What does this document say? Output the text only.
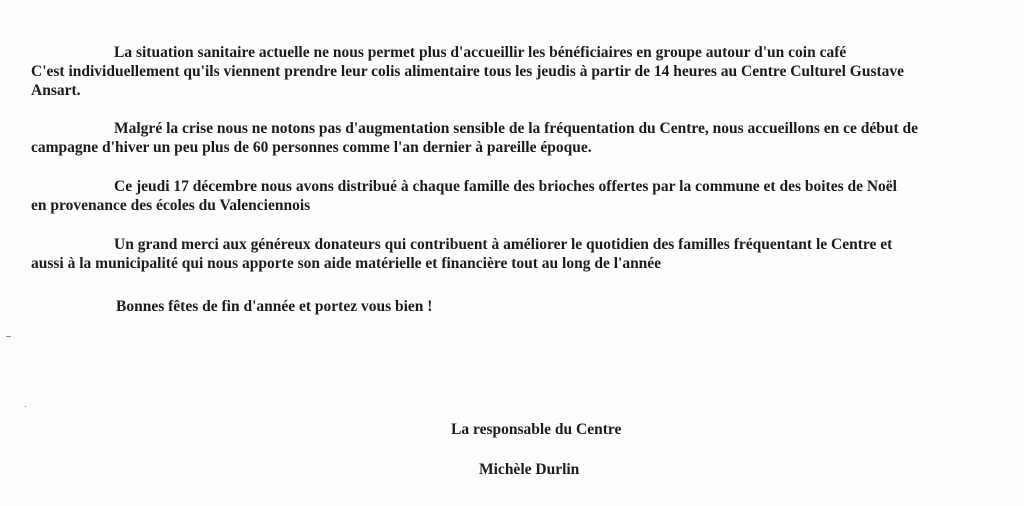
La situation sanitaire actuelle ne nous permet plus d'accueillir les bénéficiaires en groupe autour d'un coin café
C'est individuellement qu'ils viennent prendre leur colis alimentaire tous les jeudis à partir de 14 heures au Centre Culturel Gustave
Ansart.
Malgré la crise nous ne notons pas d'augmentation sensible de la fréquentation du Centre, nous accueillons en ce début de
campagne d'hiver un peu plus de 60 personnes comme l'an dernier à pareille époque.
Ce jeudi 17 décembre nous avons distribué à chaque famille des brioches offertes par la commune et des boites de Noël
en provenance des écoles du Valenciennois
Un grand merci aux généreux donateurs qui contribuent à améliorer le quotidien des familles fréquentant le Centre et
aussi à la municipalité qui nous apporte son aide matérielle et financière tout au long de l'année
Bonnes fêtes de fin d'année et portez vous bien !
La responsable du Centre
Michèle Durlin
